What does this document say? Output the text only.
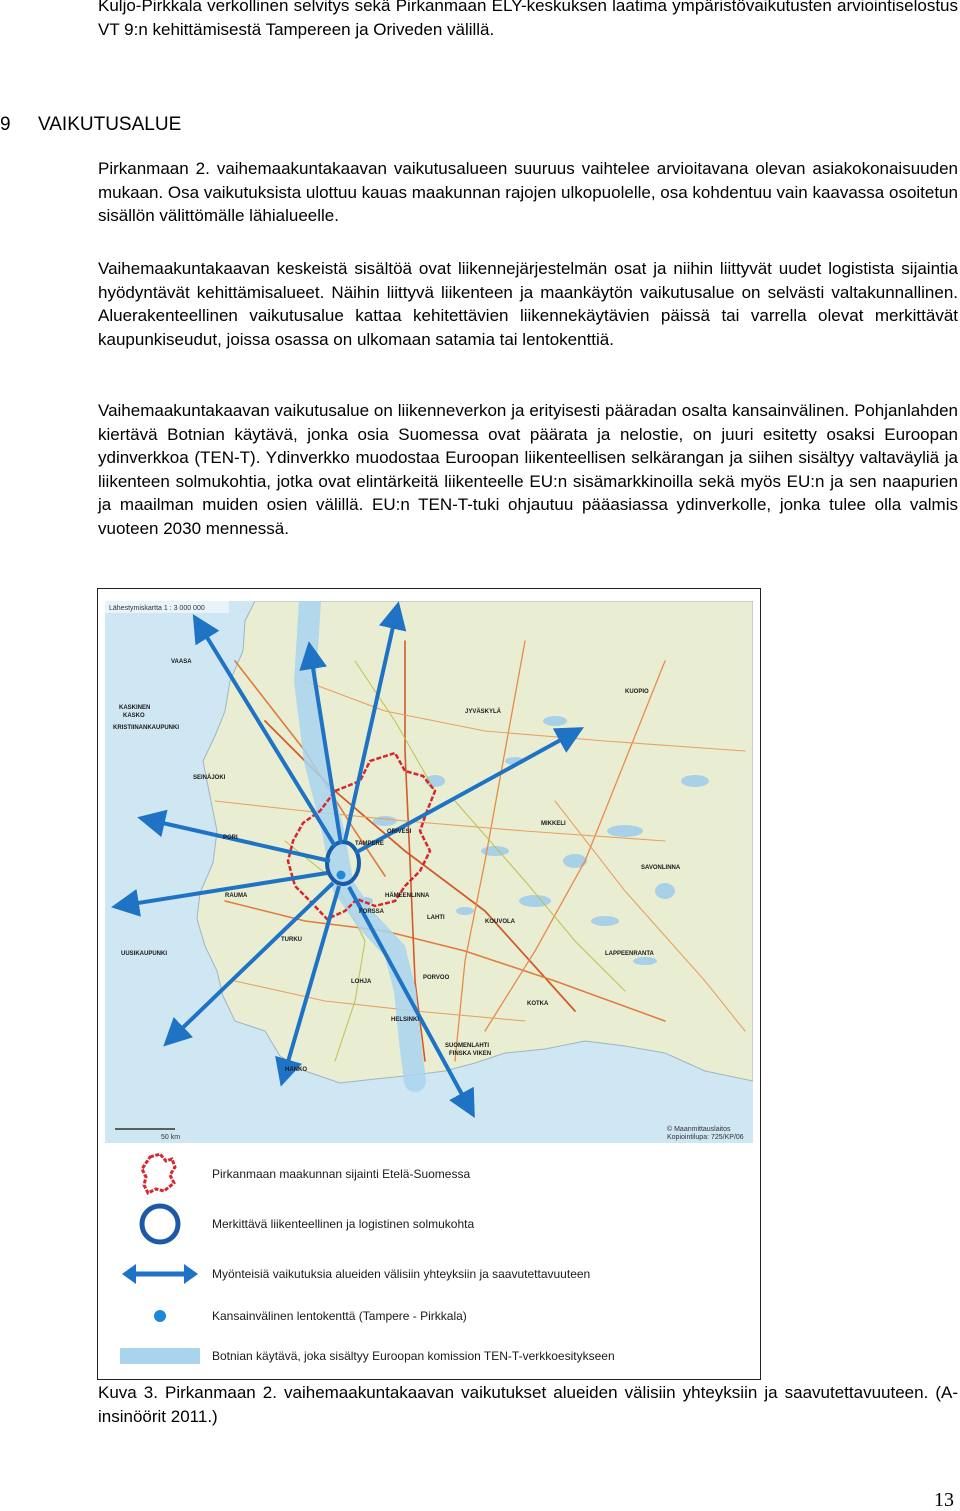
Kuljo-Pirkkala verkollinen selvitys sekä Pirkanmaan ELY-keskuksen laatima ympäristövaikutusten arviointiselostus VT 9:n kehittämisestä Tampereen ja Oriveden välillä.

9 VAIKUTUSALUE

Pirkanmaan 2. vaihemaakuntakaavan vaikutusalueen suuruus vaihtelee arvioitavana olevan asiakokonaisuuden mukaan. Osa vaikutuksista ulottuu kauas maakunnan rajojen ulkopuolelle, osa kohdentuu vain kaavassa osoitetun sisällön välittömälle lähialueelle.

Vaihemaakuntakaavan keskeistä sisältöä ovat liikennejärjestelmän osat ja niihin liittyvät uudet logistista sijaintia hyödyntävät kehittämisalueet. Näihin liittyvä liikenteen ja maankäytön vaikutusalue on selvästi valtakunnallinen. Aluerakenteellinen vaikutusalue kattaa kehitettävien liikennekäytävien päissä tai varrella olevat merkittävät kaupunkiseudut, joissa osassa on ulkomaan satamia tai lentokenttiä.

Vaihemaakuntakaavan vaikutusalue on liikenneverkon ja erityisesti pääradan osalta kansainvälinen. Pohjanlahden kiertävä Botnian käytävä, jonka osia Suomessa ovat päärata ja nelostie, on juuri esitetty osaksi Euroopan ydinverkkoa (TEN-T). Ydinverkko muodostaa Euroopan liikenteellisen selkärangan ja siihen sisältyy valtaväyliä ja liikenteen solmukohtia, jotka ovat elintärkeitä liikenteelle EU:n sisämarkkinoilla sekä myös EU:n ja sen naapurien ja maailman muiden osien välillä. EU:n TEN-T-tuki ohjautuu pääasiassa ydinverkolle, jonka tulee olla valmis vuoteen 2030 mennessä.

KASKINEN
KASKO
KRISTIINANKAUPUNKI
VAASA
SEINÄJOKI
PORI
RAUMA
UUSIKAUPUNKI
TURKU
TAMPERE
ORIVESI
FORSSA
HÄMEENLINNA
LAHTI
KOUVOLA
JYVÄSKYLÄ
MIKKELI
KUOPIO
SAVONLINNA
LAPPEENRANTA
LOHJA
PORVOO
KOTKA
HELSINKI
HANKO
SUOMENLAHTI
FINSKA VIKEN
Lähestymiskartta 1 : 3 000 000
50 km
© Maanmittauslaitos
Kopiointilupa: 725/KP/06
Pirkanmaan maakunnan sijainti Etelä-Suomessa
Merkittävä liikenteellinen ja logistinen solmukohta
Myönteisiä vaikutuksia alueiden välisiin yhteyksiin ja saavutettavuuteen
Kansainvälinen lentokenttä (Tampere - Pirkkala)
Botnian käytävä, joka sisältyy Euroopan komission TEN-T-verkkoesitykseen

Kuva 3. Pirkanmaan 2. vaihemaakuntakaavan vaikutukset alueiden välisiin yhteyksiin ja saavutettavuuteen. (A-insinöörit 2011.)

13
